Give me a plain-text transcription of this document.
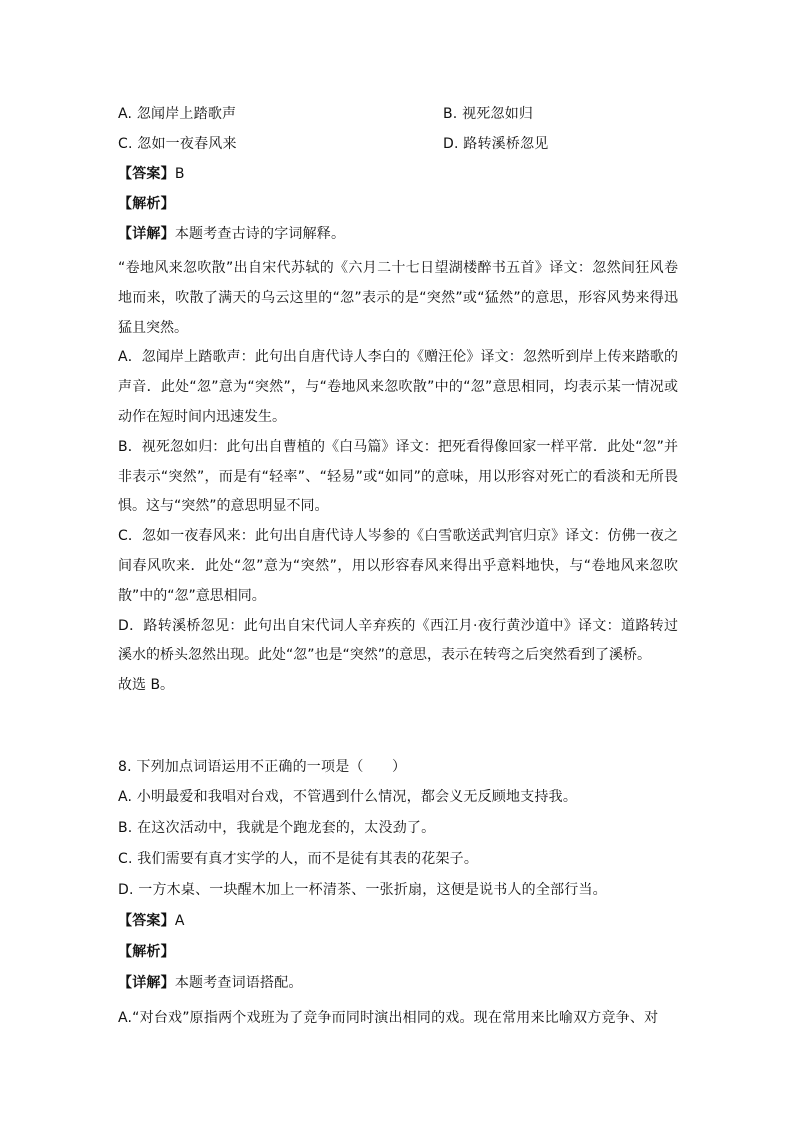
A. 忽闻岸上踏歌声	B. 视死忽如归
C. 忽如一夜春风来	D. 路转溪桥忽见
【答案】B
【解析】
【详解】本题考查古诗的字词解释。
“卷地风来忽吹散”出自宋代苏轼的《六月二十七日望湖楼醉书五首》译文：忽然间狂风卷地而来，吹散了满天的乌云这里的“忽”表示的是“突然”或“猛然”的意思，形容风势来得迅猛且突然。
A．忽闻岸上踏歌声：此句出自唐代诗人李白的《赠汪伦》译文：忽然听到岸上传来踏歌的声音．此处“忽”意为“突然”，与“卷地风来忽吹散”中的“忽”意思相同，均表示某一情况或动作在短时间内迅速发生。
B．视死忽如归：此句出自曹植的《白马篇》译文：把死看得像回家一样平常．此处“忽”并非表示“突然”，而是有“轻率”、“轻易”或“如同”的意味，用以形容对死亡的看淡和无所畏惧。这与“突然”的意思明显不同。
C．忽如一夜春风来：此句出自唐代诗人岑参的《白雪歌送武判官归京》译文：仿佛一夜之间春风吹来．此处“忽”意为“突然”，用以形容春风来得出乎意料地快，与“卷地风来忽吹散”中的“忽”意思相同。
D．路转溪桥忽见：此句出自宋代词人辛弃疾的《西江月·夜行黄沙道中》译文：道路转过溪水的桥头忽然出现。此处“忽”也是“突然”的意思，表示在转弯之后突然看到了溪桥。
故选 B。
8. 下列加点词语运用不正确的一项是（　　）
A. 小明最爱和我唱对台戏，不管遇到什么情况，都会义无反顾地支持我。
B. 在这次活动中，我就是个跑龙套的，太没劲了。
C. 我们需要有真才实学的人，而不是徒有其表的花架子。
D. 一方木桌、一块醒木加上一杯清茶、一张折扇，这便是说书人的全部行当。
【答案】A
【解析】
【详解】本题考查词语搭配。
A.“对台戏”原指两个戏班为了竞争而同时演出相同的戏。现在常用来比喻双方竞争、对
